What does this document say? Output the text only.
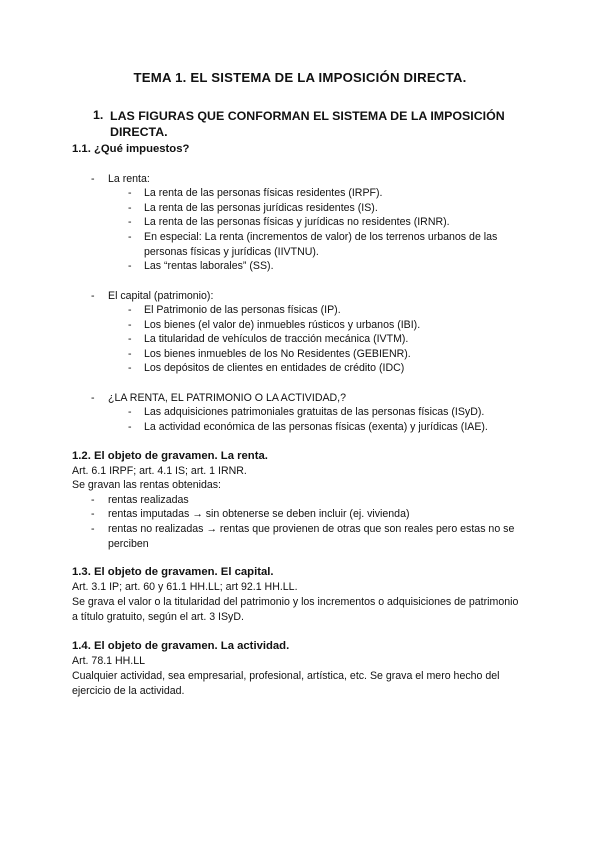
TEMA 1. EL SISTEMA DE LA IMPOSICIÓN DIRECTA.
1. LAS FIGURAS QUE CONFORMAN EL SISTEMA DE LA IMPOSICIÓN DIRECTA.
1.1. ¿Qué impuestos?
- La renta:
- La renta de las personas físicas residentes (IRPF).
- La renta de las personas jurídicas residentes (IS).
- La renta de las personas físicas y jurídicas no residentes (IRNR).
- En especial: La renta (incrementos de valor) de los terrenos urbanos de las personas físicas y jurídicas (IIVTNU).
- Las “rentas laborales” (SS).
- El capital (patrimonio):
- El Patrimonio de las personas físicas (IP).
- Los bienes (el valor de) inmuebles rústicos y urbanos (IBI).
- La titularidad de vehículos de tracción mecánica (IVTM).
- Los bienes inmuebles de los No Residentes (GEBIENR).
- Los depósitos de clientes en entidades de crédito (IDC)
- ¿LA RENTA, EL PATRIMONIO O LA ACTIVIDAD,?
- Las adquisiciones patrimoniales gratuitas de las personas físicas (ISyD).
- La actividad económica de las personas físicas (exenta) y jurídicas (IAE).
1.2. El objeto de gravamen. La renta.
Art. 6.1 IRPF; art. 4.1 IS; art. 1 IRNR.
Se gravan las rentas obtenidas:
- rentas realizadas
- rentas imputadas → sin obtenerse se deben incluir (ej. vivienda)
- rentas no realizadas → rentas que provienen de otras que son reales pero estas no se perciben
1.3. El objeto de gravamen. El capital.
Art. 3.1 IP; art. 60 y 61.1 HH.LL; art 92.1 HH.LL.
Se grava el valor o la titularidad del patrimonio y los incrementos o adquisiciones de patrimonio a título gratuito, según el art. 3 ISyD.
1.4. El objeto de gravamen. La actividad.
Art. 78.1 HH.LL
Cualquier actividad, sea empresarial, profesional, artística, etc. Se grava el mero hecho del ejercicio de la actividad.
